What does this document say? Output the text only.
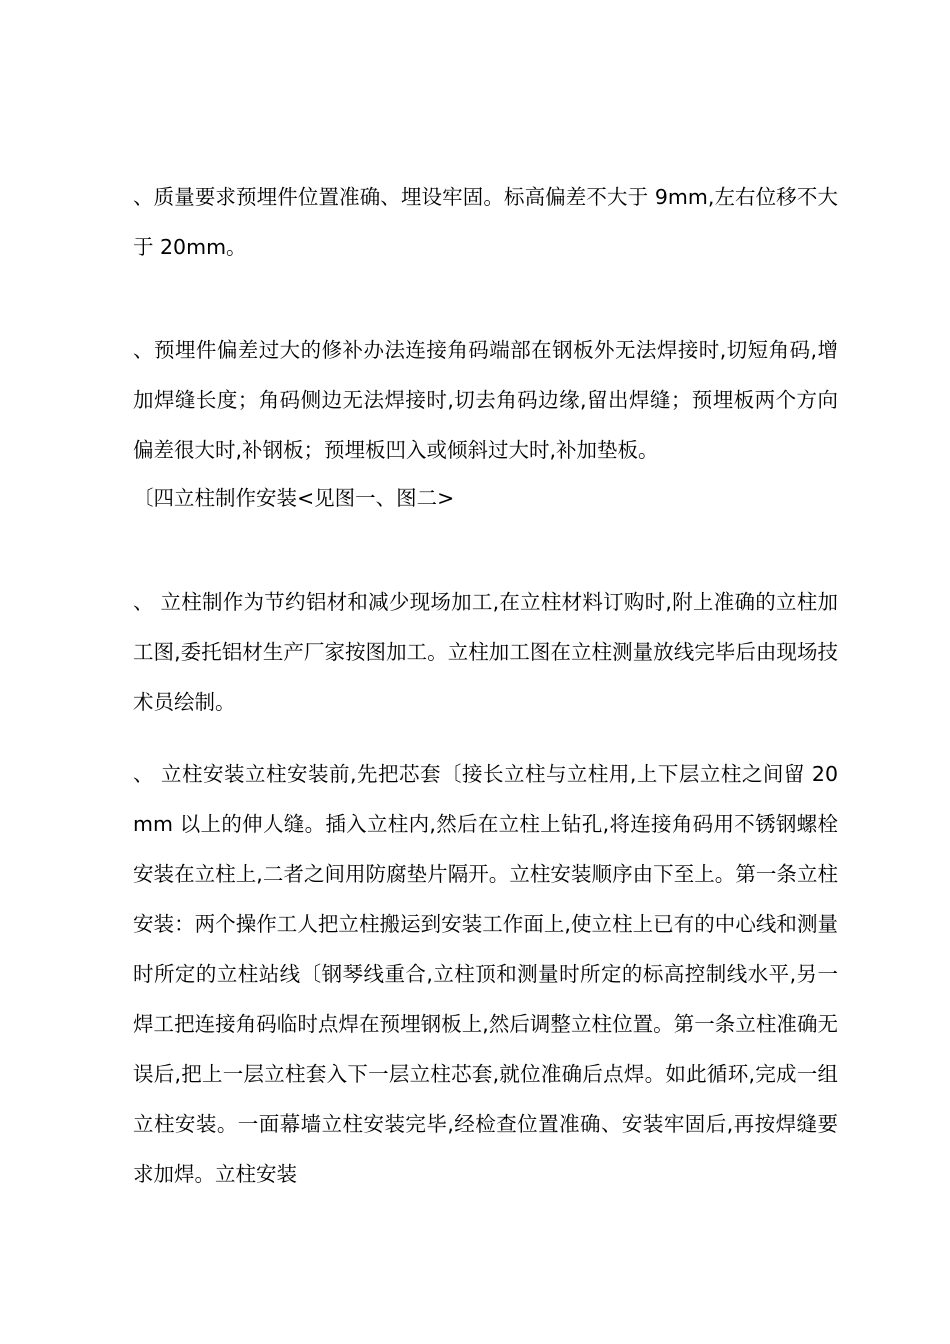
、质量要求预埋件位置准确、埋设牢固。标高偏差不大于 9mm,左右位移不大于 20mm。

、预埋件偏差过大的修补办法连接角码端部在钢板外无法焊接时,切短角码,增加焊缝长度；角码侧边无法焊接时,切去角码边缘,留出焊缝；预埋板两个方向偏差很大时,补钢板；预埋板凹入或倾斜过大时,补加垫板。

〔四立柱制作安装<见图一、图二>

、 立柱制作为节约铝材和减少现场加工,在立柱材料订购时,附上准确的立柱加工图,委托铝材生产厂家按图加工。立柱加工图在立柱测量放线完毕后由现场技术员绘制。

、 立柱安装立柱安装前,先把芯套〔接长立柱与立柱用,上下层立柱之间留 20mm 以上的伸人缝。插入立柱内,然后在立柱上钻孔,将连接角码用不锈钢螺栓安装在立柱上,二者之间用防腐垫片隔开。立柱安装顺序由下至上。第一条立柱安装：两个操作工人把立柱搬运到安装工作面上,使立柱上已有的中心线和测量时所定的立柱站线〔钢琴线重合,立柱顶和测量时所定的标高控制线水平,另一焊工把连接角码临时点焊在预埋钢板上,然后调整立柱位置。第一条立柱准确无误后,把上一层立柱套入下一层立柱芯套,就位准确后点焊。如此循环,完成一组立柱安装。一面幕墙立柱安装完毕,经检查位置准确、安装牢固后,再按焊缝要求加焊。立柱安装
